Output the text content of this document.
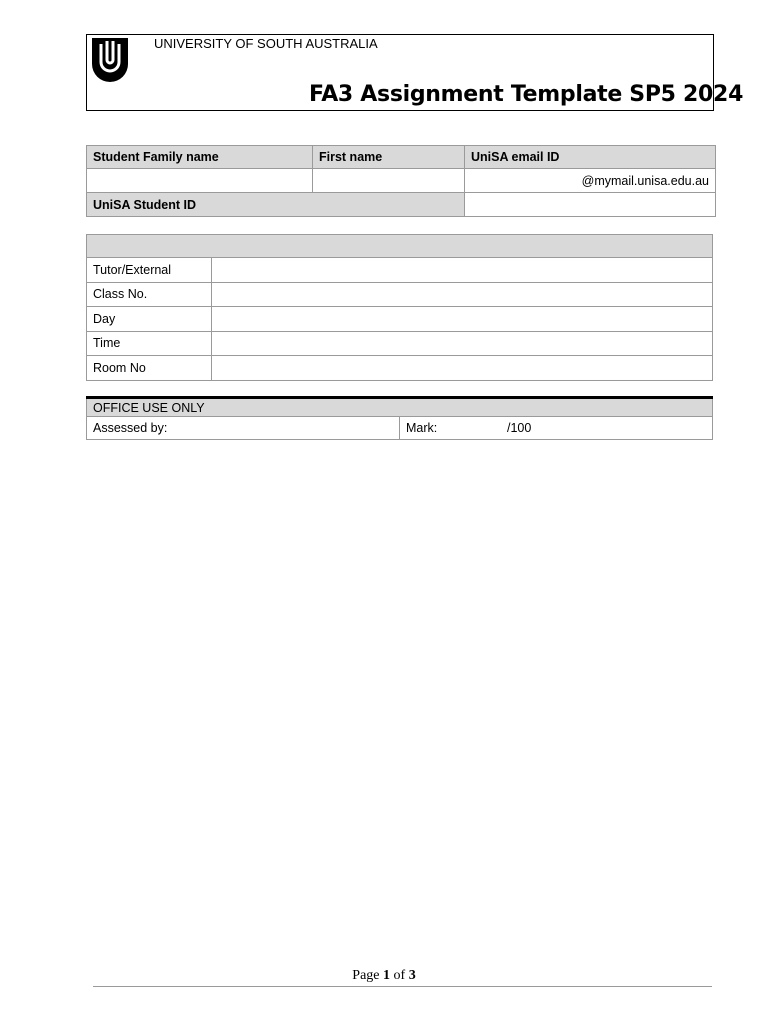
UNIVERSITY OF SOUTH AUSTRALIA
FA3 Assignment Template SP5 2024
Student Family name	First name	UniSA email ID
		@mymail.unisa.edu.au
UniSA Student ID		

Tutor/External	
Class No.	
Day	
Time	
Room No	
OFFICE USE ONLY
Assessed by:	Mark:	/100
Page 1 of 3
